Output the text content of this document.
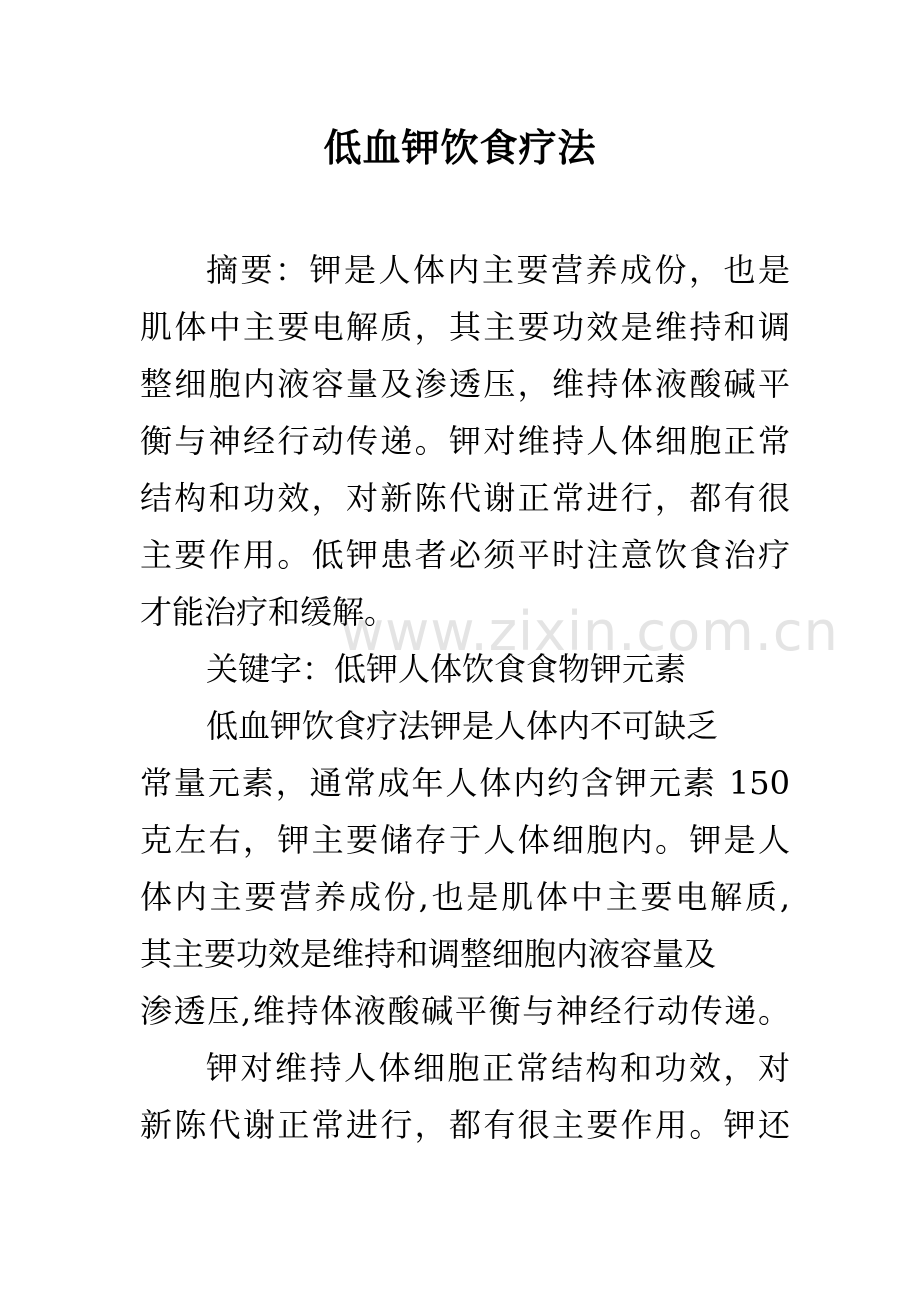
www.zixin.com.cn
低血钾饮食疗法
摘要：钾是人体内主要营养成份，也是
肌体中主要电解质，其主要功效是维持和调
整细胞内液容量及渗透压，维持体液酸碱平
衡与神经行动传递。钾对维持人体细胞正常
结构和功效，对新陈代谢正常进行，都有很
主要作用。低钾患者必须平时注意饮食治疗
才能治疗和缓解。
关键字：低钾人体饮食食物钾元素
低血钾饮食疗法钾是人体内不可缺乏
常量元素，通常成年人体内约含钾元素 150
克左右，钾主要储存于人体细胞内。钾是人
体内主要营养成份,也是肌体中主要电解质,
其主要功效是维持和调整细胞内液容量及
渗透压,维持体液酸碱平衡与神经行动传递。
钾对维持人体细胞正常结构和功效，对
新陈代谢正常进行，都有很主要作用。钾还
